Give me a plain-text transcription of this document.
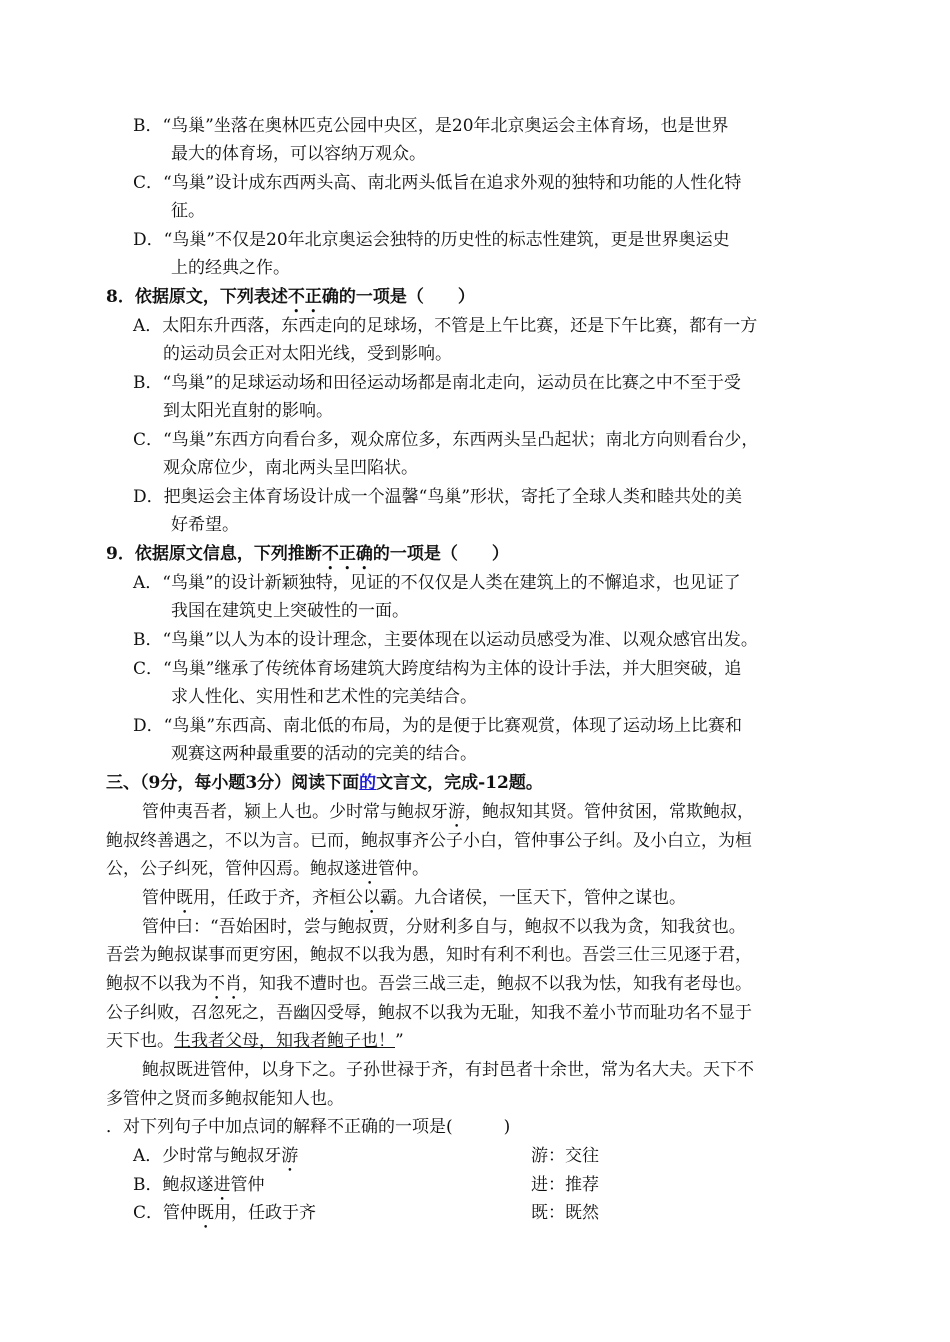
B．“鸟巢”坐落在奥林匹克公园中央区，是20年北京奥运会主体育场，也是世界
最大的体育场，可以容纳万观众。
C．“鸟巢”设计成东西两头高、南北两头低旨在追求外观的独特和功能的人性化特
征。
D．“鸟巢”不仅是20年北京奥运会独特的历史性的标志性建筑，更是世界奥运史
上的经典之作。
8．依据原文，下列表述不正确的一项是（　　）
A．太阳东升西落，东西走向的足球场，不管是上午比赛，还是下午比赛，都有一方
的运动员会正对太阳光线，受到影响。
B．“鸟巢”的足球运动场和田径运动场都是南北走向，运动员在比赛之中不至于受
到太阳光直射的影响。
C．“鸟巢”东西方向看台多，观众席位多，东西两头呈凸起状；南北方向则看台少，
观众席位少，南北两头呈凹陷状。
D．把奥运会主体育场设计成一个温馨“鸟巢”形状，寄托了全球人类和睦共处的美
好希望。
9．依据原文信息，下列推断不正确的一项是（　　）
A．“鸟巢”的设计新颖独特，见证的不仅仅是人类在建筑上的不懈追求，也见证了
我国在建筑史上突破性的一面。
B．“鸟巢”以人为本的设计理念，主要体现在以运动员感受为准、以观众感官出发。
C．“鸟巢”继承了传统体育场建筑大跨度结构为主体的设计手法，并大胆突破，追
求人性化、实用性和艺术性的完美结合。
D．“鸟巢”东西高、南北低的布局，为的是便于比赛观赏，体现了运动场上比赛和
观赛这两种最重要的活动的完美的结合。
三、（9分，每小题3分）阅读下面的文言文，完成-12题。
管仲夷吾者，颍上人也。少时常与鲍叔牙游，鲍叔知其贤。管仲贫困，常欺鲍叔，
鲍叔终善遇之，不以为言。已而，鲍叔事齐公子小白，管仲事公子纠。及小白立，为桓
公，公子纠死，管仲囚焉。鲍叔遂进管仲。
管仲既用，任政于齐，齐桓公以霸。九合诸侯，一匡天下，管仲之谋也。
管仲曰：“吾始困时，尝与鲍叔贾，分财利多自与，鲍叔不以我为贪，知我贫也。
吾尝为鲍叔谋事而更穷困，鲍叔不以我为愚，知时有利不利也。吾尝三仕三见逐于君，
鲍叔不以我为不肖，知我不遭时也。吾尝三战三走，鲍叔不以我为怯，知我有老母也。
公子纠败，召忽死之，吾幽囚受辱，鲍叔不以我为无耻，知我不羞小节而耻功名不显于
天下也。生我者父母，知我者鲍子也！”
鲍叔既进管仲，以身下之。子孙世禄于齐，有封邑者十余世，常为名大夫。天下不
多管仲之贤而多鲍叔能知人也。
．对下列句子中加点词的解释不正确的一项是(　　　)
A．少时常与鲍叔牙游	游：交往
B．鲍叔遂进管仲	进：推荐
C．管仲既用，任政于齐	既：既然
